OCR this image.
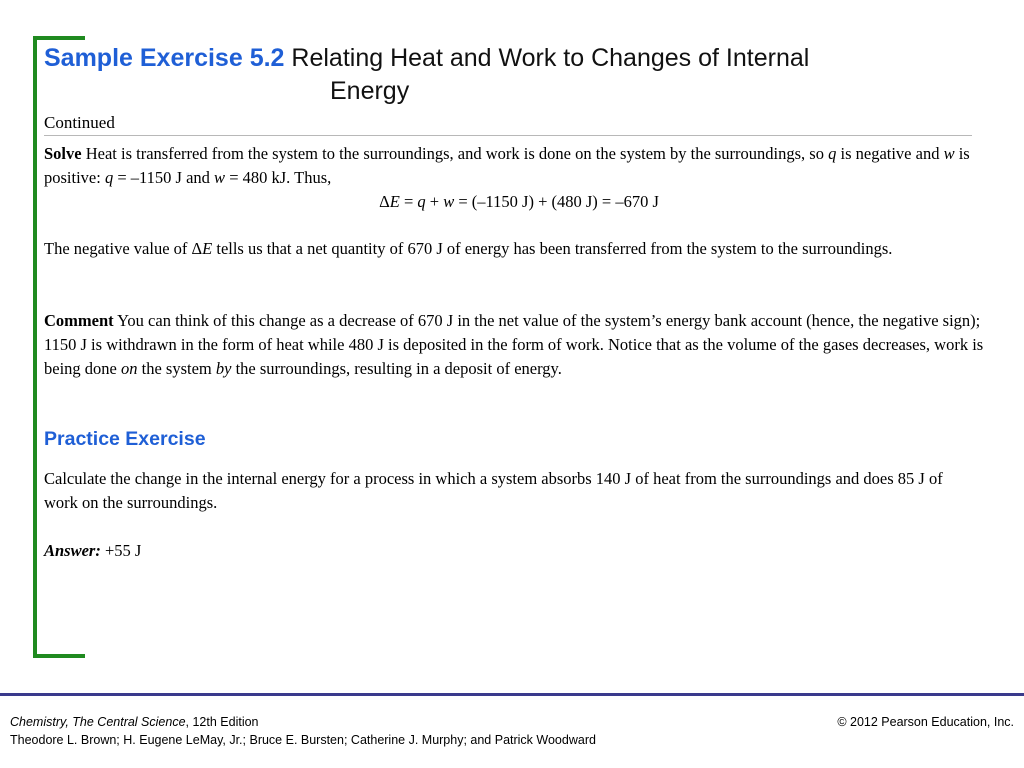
Sample Exercise 5.2 Relating Heat and Work to Changes of Internal
Energy
Continued
Solve Heat is transferred from the system to the surroundings, and work is done on the system by the surroundings, so q is negative and w is positive: q = –1150 J and w = 480 kJ. Thus,
ΔE = q + w = (–1150 J) + (480 J) = –670 J
The negative value of ΔE tells us that a net quantity of 670 J of energy has been transferred from the system to the surroundings.
Comment You can think of this change as a decrease of 670 J in the net value of the system’s energy bank account (hence, the negative sign); 1150 J is withdrawn in the form of heat while 480 J is deposited in the form of work. Notice that as the volume of the gases decreases, work is being done on the system by the surroundings, resulting in a deposit of energy.
Practice Exercise
Calculate the change in the internal energy for a process in which a system absorbs 140 J of heat from the surroundings and does 85 J of work on the surroundings.
Answer: +55 J
Chemistry, The Central Science, 12th Edition
Theodore L. Brown; H. Eugene LeMay, Jr.; Bruce E. Bursten; Catherine J. Murphy; and Patrick Woodward
© 2012 Pearson Education, Inc.
